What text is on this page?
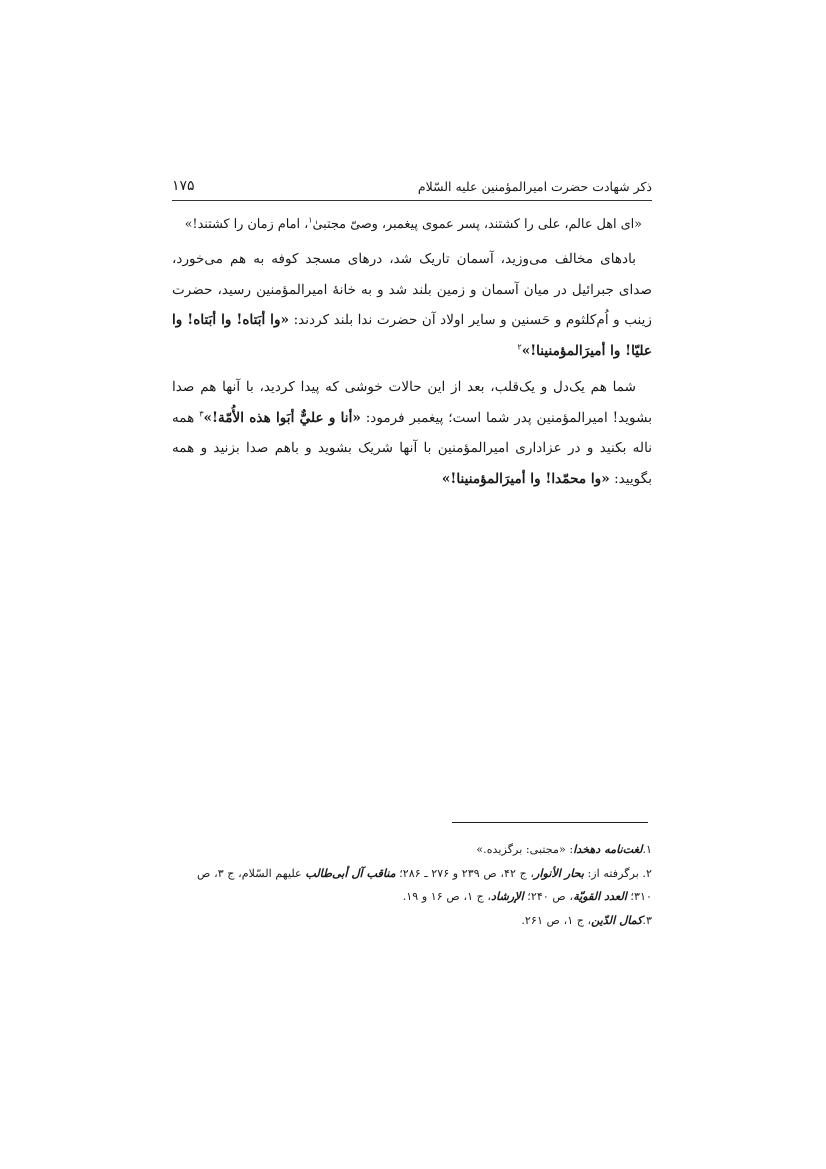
۱۷۵	ذکر شهادت حضرت امیرالمؤمنین علیه السّلام

«ای اهل عالم، علی را کشتند، پسر عموی پیغمبر، وصیّ مجتبیٰ$^۱$، امام زمان را کشتند!»

بادهای مخالف می‌وزید، آسمان تاریک شد، درهای مسجد کوفه به هم می‌خورد، صدای جبرائیل در میان آسمان و زمین بلند شد و به خانهٔ امیرالمؤمنین رسید، حضرت زینب و اُم‌کلثوم و حَسنین و سایر اولاد آن حضرت ندا بلند کردند: «وا أبَتاه! وا أبَتاه! وا عليّا! وا أميرَالمؤمنينا!»$^۲$

شما هم یک‌دل و یک‌قلب، بعد از این حالات خوشی که پیدا کردید، با آنها هم صدا بشوید! امیرالمؤمنین پدر شما است؛ پیغمبر فرمود: «أنا و عليٌّ أبَوا هذه الأُمّة!»$^۳$ همه ناله بکنید و در عزاداری امیرالمؤمنین با آنها شریک بشوید و باهم صدا بزنید و همه بگویید: «وا محمّدا! وا أميرَالمؤمنينا!»

۱.لغت‌نامه دهخدا: «مجتبی: برگزیده.»

۲. برگرفته از: بحار الأنوار، ج ۴۲، ص ۲۳۹ و ۲۷۶ ـ ۲۸۶؛ مناقب آل أبی‌طالب علیهم السّلام، ج ۳، ص ۳۱۰؛ العدد القويّة، ص ۲۴۰؛ الإرشاد، ج ۱، ص ۱۶ و ۱۹.

۳.كمال الدّين، ج ۱، ص ۲۶۱.
